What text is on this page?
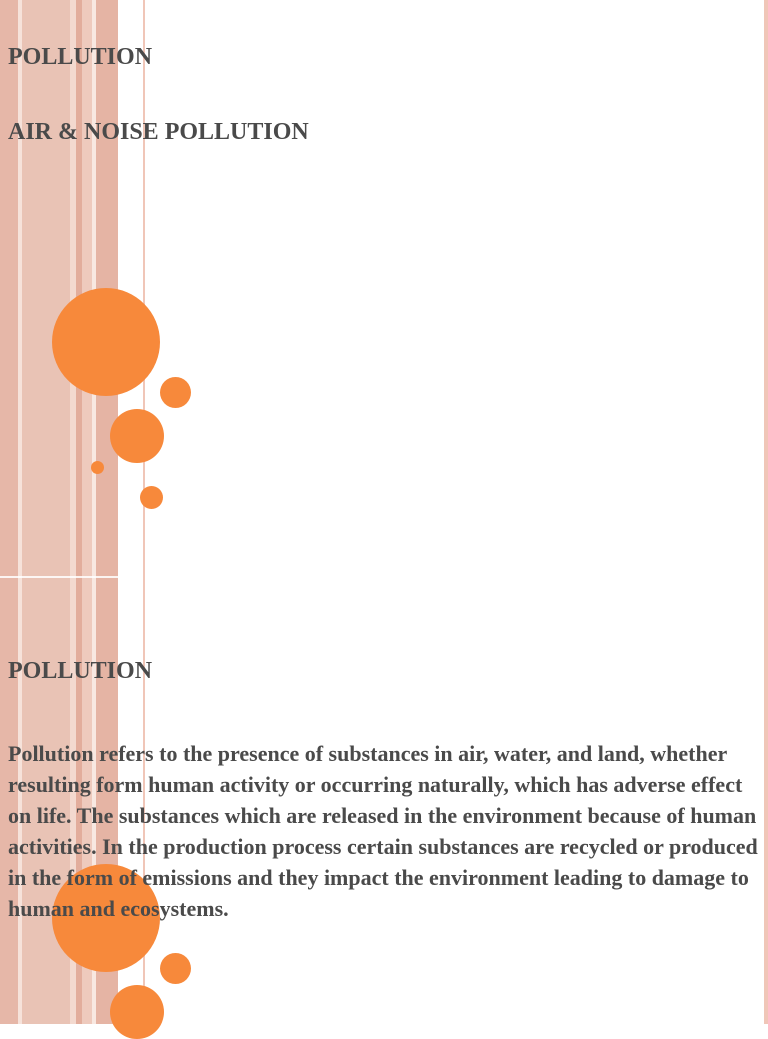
POLLUTION
AIR & NOISE POLLUTION
POLLUTION

Pollution refers to the presence of substances in air, water, and land, whether resulting form human activity or occurring naturally, which has adverse effect on life. The substances which are released in the environment because of human activities. In the production process certain substances are recycled or produced in the form of emissions and they impact the environment leading to damage to human and ecosystems.
